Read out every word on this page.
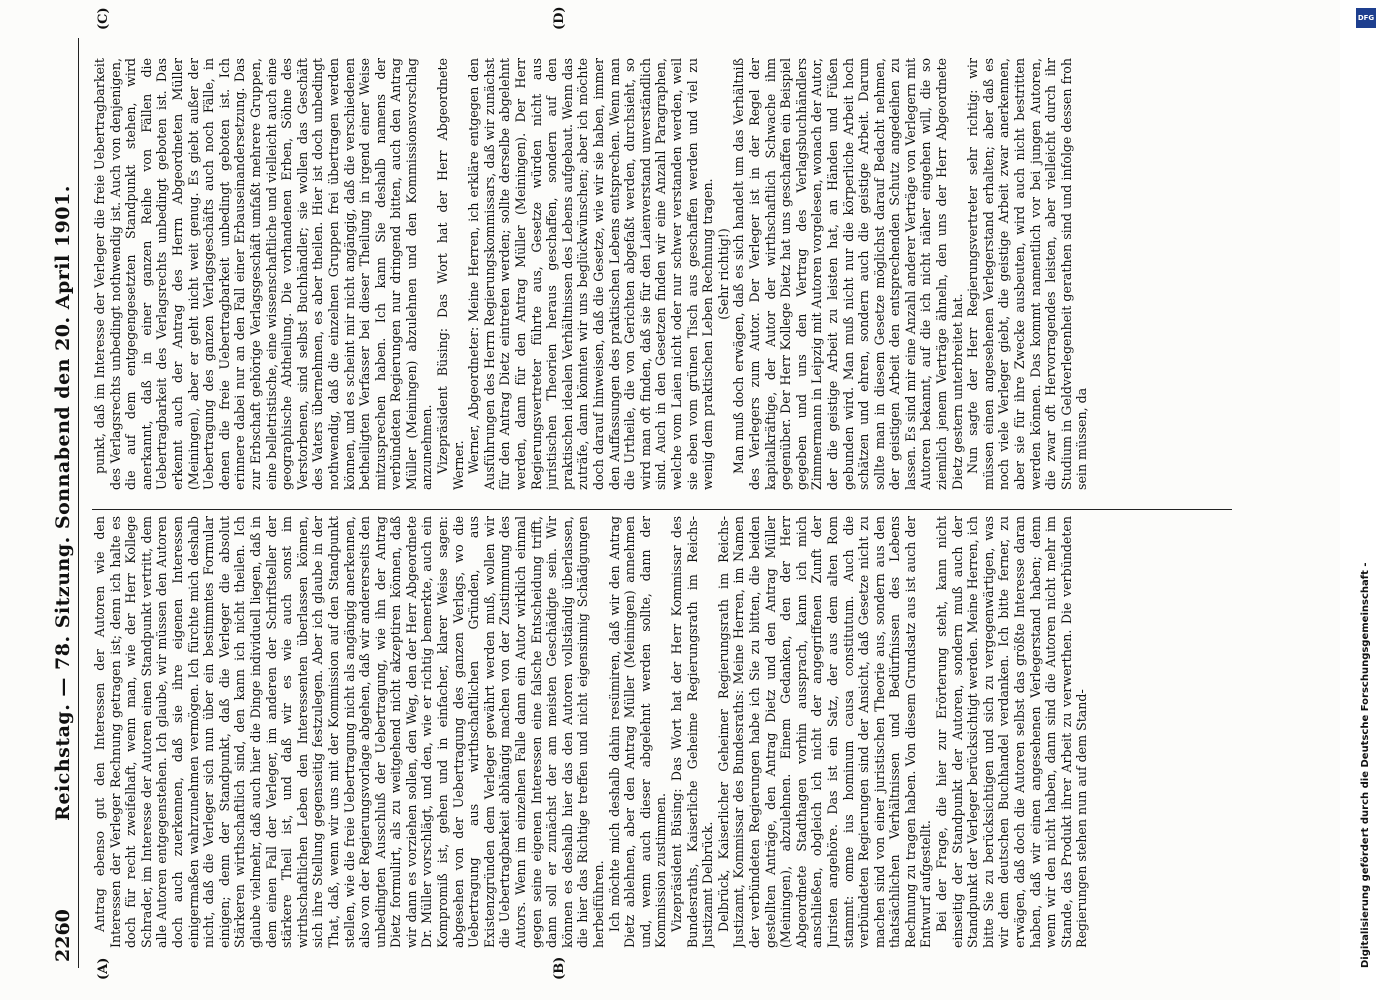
2260
Reichstag. — 78. Sitzung. Sonnabend den 20. April 1901.
(A)	(B)
(C)	(D)

Antrag ebenso gut den Interessen der Autoren wie den Interessen der Verleger Rechnung getragen ist; denn ich halte es doch für recht zweifelhaft, wenn man, wie der Herr Kollege Schrader, im Interesse der Autoren einen Standpunkt vertritt, dem alle Autoren entgegenstehen. Ich glaube, wir müssen den Autoren doch auch zuerkennen, daß sie ihre eigenen Interessen einigermaßen wahrzunehmen vermögen. Ich fürchte mich deshalb nicht, daß die Verleger sich nun über ein bestimmtes Formular einigen; denn der Standpunkt, daß die Verleger die absolut Stärkeren wirthschaftlich sind, den kann ich nicht theilen. Ich glaube vielmehr, daß auch hier die Dinge individuell liegen, daß in dem einen Fall der Verleger, im anderen der Schriftsteller der stärkere Theil ist, und daß wir es wie auch sonst im wirthschaftlichen Leben den Interessenten überlassen können, sich ihre Stellung gegenseitig festzulegen. Aber ich glaube in der That, daß, wenn wir uns mit der Kommission auf den Standpunkt stellen, wie die freie Uebertragung nicht als angängig anerkennen, also von der Regierungsvorlage abgehen, daß wir andererseits den unbedingten Ausschluß der Uebertragung, wie ihn der Antrag Dietz formulirt, als zu weitgehend nicht akzeptiren können, daß wir dann es vorziehen sollen, den Weg, den der Herr Abgeordnete Dr. Müller vorschlägt, und den, wie er richtig bemerkte, auch ein Kompromiß ist, gehen und in einfacher, klarer Weise sagen: abgesehen von der Uebertragung des ganzen Verlags, wo die Uebertragung aus wirthschaftlichen Gründen, aus Existenzgründen dem Verleger gewährt werden muß, wollen wir die Uebertragbarkeit abhängig machen von der Zustimmung des Autors. Wenn im einzelnen Falle dann ein Autor wirklich einmal gegen seine eigenen Interessen eine falsche Entscheidung trifft, dann soll er zunächst der am meisten Geschädigte sein. Wir können es deshalb hier das den Autoren vollständig überlassen, die hier das Richtige treffen und nicht eigensinnig Schädigungen herbeiführen. Ich möchte mich deshalb dahin resümiren, daß wir den Antrag Dietz ablehnen, aber den Antrag Müller (Meiningen) annehmen und, wenn auch dieser abgelehnt werden sollte, dann der Kommission zustimmen. Vizepräsident Büsing: Das Wort hat der Herr Kommissar des Bundesraths, Kaiserliche Geheime Regierungsrath im Reichs-Justizamt Delbrück. Delbrück, Kaiserlicher Geheimer Regierungsrath im Reichs-Justizamt, Kommissar des Bundesraths: Meine Herren, im Namen der verbündeten Regierungen habe ich Sie zu bitten, die beiden gestellten Anträge, den Antrag Dietz und den Antrag Müller (Meiningen), abzulehnen. Einem Gedanken, den der Herr Abgeordnete Stadthagen vorhin aussprach, kann ich mich anschließen, obgleich ich nicht der angegriffenen Zunft der Juristen angehöre. Das ist ein Satz, der aus dem alten Rom stammt: omne ius hominum causa constitutum. Auch die verbündeten Regierungen sind der Ansicht, daß Gesetze nicht zu machen sind von einer juristischen Theorie aus, sondern aus den thatsächlichen Verhältnissen und Bedürfnissen des Lebens Rechnung zu tragen haben. Von diesem Grundsatz aus ist auch der Entwurf aufgestellt. Bei der Frage, die hier zur Erörterung steht, kann nicht einseitig der Standpunkt der Autoren, sondern muß auch der Standpunkt der Verleger berücksichtigt werden. Meine Herren, ich bitte Sie zu berücksichtigen und sich zu vergegenwärtigen, was wir dem deutschen Buchhandel verdanken. Ich bitte ferner, zu erwägen, daß doch die Autoren selbst das größte Interesse daran haben, daß wir einen angesehenen Verlegerstand haben; denn wenn wir den nicht haben, dann sind die Autoren nicht mehr im Stande, das Produkt ihrer Arbeit zu verwerthen. Die verbündeten Regierungen stehen nun auf dem Stand-

punkt, daß im Interesse der Verleger die freie Uebertragbarkeit des Verlagsrechts unbedingt nothwendig ist. Auch von denjenigen, die auf dem entgegengesetzten Standpunkt stehen, wird anerkannt, daß in einer ganzen Reihe von Fällen die Uebertragbarkeit des Verlagsrechts unbedingt geboten ist. Das erkennt auch der Antrag des Herrn Abgeordneten Müller (Meiningen), aber er geht nicht weit genug. Es giebt außer der Uebertragung des ganzen Verlagsgeschäfts auch noch Fälle, in denen die freie Uebertragbarkeit unbedingt geboten ist. Ich erinnere dabei nur an den Fall einer Erbauseinandersetzung. Das zur Erbschaft gehörige Verlagsgeschäft umfaßt mehrere Gruppen, eine belletristische, eine wissenschaftliche und vielleicht auch eine geographische Abtheilung. Die vorhandenen Erben, Söhne des Verstorbenen, sind selbst Buchhändler; sie wollen das Geschäft des Vaters übernehmen, es aber theilen. Hier ist doch unbedingt nothwendig, daß die einzelnen Gruppen frei übertragen werden können, und es scheint mir nicht angängig, daß die verschiedenen betheiligten Verfasser bei dieser Theilung in irgend einer Weise mitzusprechen haben. Ich kann Sie deshalb namens der verbündeten Regierungen nur dringend bitten, auch den Antrag Müller (Meiningen) abzulehnen und den Kommissionsvorschlag anzunehmen. Vizepräsident Büsing: Das Wort hat der Herr Abgeordnete Werner. Werner, Abgeordneter: Meine Herren, ich erkläre entgegen den Ausführungen des Herrn Regierungskommissars, daß wir zunächst für den Antrag Dietz eintreten werden; sollte derselbe abgelehnt werden, dann für den Antrag Müller (Meiningen). Der Herr Regierungsvertreter führte aus, Gesetze würden nicht aus juristischen Theorien heraus geschaffen, sondern auf den praktischen idealen Verhältnissen des Lebens aufgebaut. Wenn das zuträfe, dann könnten wir uns beglückwünschen; aber ich möchte doch darauf hinweisen, daß die Gesetze, wie wir sie haben, immer den Auffassungen des praktischen Lebens entsprechen. Wenn man die Urtheile, die von Gerichten abgefaßt werden, durchsieht, so wird man oft finden, daß sie für den Laienverstand unverständlich sind. Auch in den Gesetzen finden wir eine Anzahl Paragraphen, welche vom Laien nicht oder nur schwer verstanden werden, weil sie eben vom grünen Tisch aus geschaffen werden und viel zu wenig dem praktischen Leben Rechnung tragen. (Sehr richtig!) Man muß doch erwägen, daß es sich handelt um das Verhältniß des Verlegers zum Autor. Der Verleger ist in der Regel der kapitalkräftige, der Autor der wirthschaftlich Schwache ihm gegenüber. Der Herr Kollege Dietz hat uns geschaffen ein Beispiel gegeben und uns den Vertrag des Verlagsbuchhändlers Zimmermann in Leipzig mit Autoren vorgelesen, wonach der Autor, der die geistige Arbeit zu leisten hat, an Händen und Füßen gebunden wird. Man muß nicht nur die körperliche Arbeit hoch schätzen und ehren, sondern auch die geistige Arbeit. Darum sollte man in diesem Gesetze möglichst darauf Bedacht nehmen, der geistigen Arbeit den entsprechenden Schutz angedeihen zu lassen. Es sind mir eine Anzahl anderer Verträge von Verlegern mit Autoren bekannt, auf die ich nicht näher eingehen will, die so ziemlich jenem Verträge ähneln, den uns der Herr Abgeordnete Dietz gestern unterbreitet hat. Nun sagte der Herr Regierungsvertreter sehr richtig: wir müssen einen angesehenen Verlegerstand erhalten; aber daß es noch viele Verleger giebt, die geistige Arbeit zwar anerkennen, aber sie für ihre Zwecke ausbeuten, wird auch nicht bestritten werden können. Das kommt namentlich vor bei jungen Autoren, die zwar oft Hervorragendes leisten, aber vielleicht durch ihr Studium in Geldverlegenheit gerathen sind und infolge dessen froh sein müssen, da

Digitalisierung gefördert durch die Deutsche Forschungsgemeinschaft -
DFG
